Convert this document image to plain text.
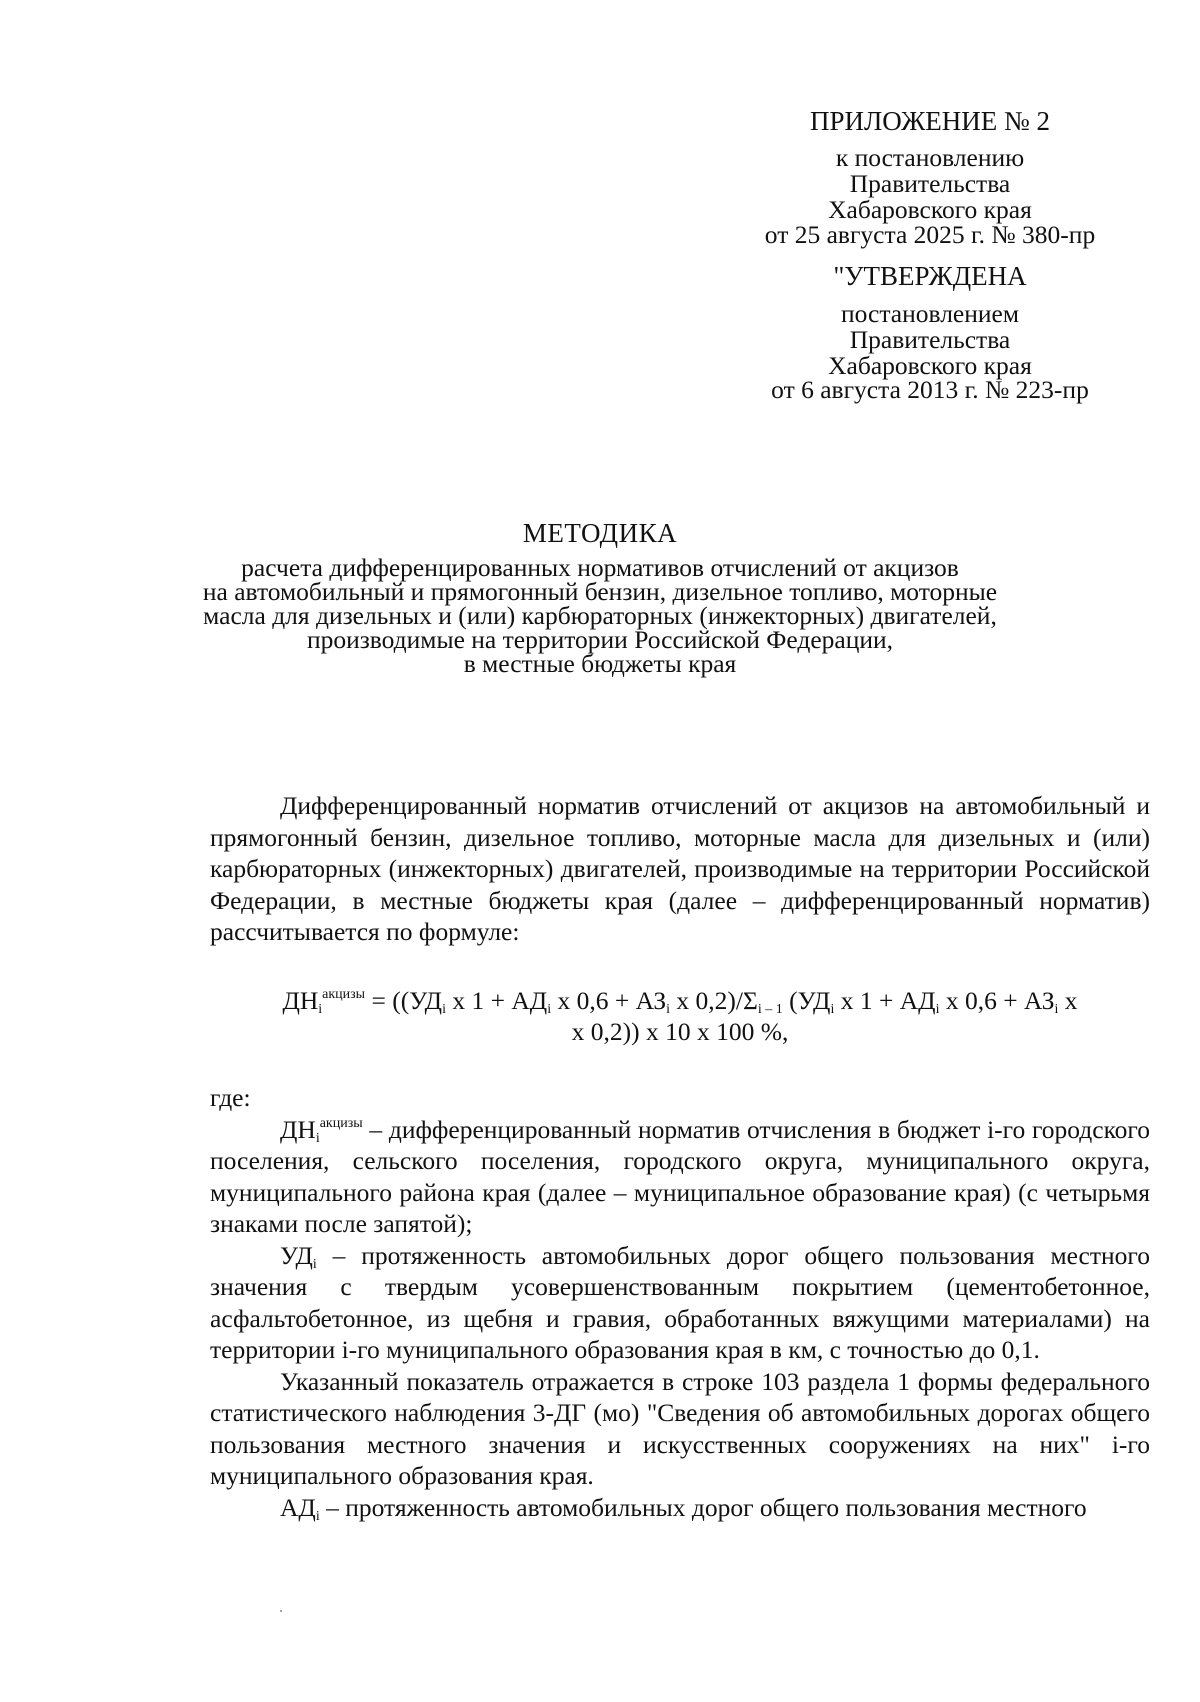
ПРИЛОЖЕНИЕ № 2
к постановлению
Правительства
Хабаровского края
от 25 августа 2025 г. № 380-пр
"УТВЕРЖДЕНА
постановлением
Правительства
Хабаровского края
от 6 августа 2013 г. № 223-пр
МЕТОДИКА
расчета дифференцированных нормативов отчислений от акцизов
на автомобильный и прямогонный бензин, дизельное топливо, моторные
масла для дизельных и (или) карбюраторных (инжекторных) двигателей,
производимые на территории Российской Федерации,
в местные бюджеты края

Дифференцированный норматив отчислений от акцизов на автомобильный и прямогонный бензин, дизельное топливо, моторные масла для дизельных и (или) карбюраторных (инжекторных) двигателей, производимые на территории Российской Федерации, в местные бюджеты края (далее – дифференцированный норматив) рассчитывается по формуле:

$ДН_i^{акцизы} = ((УД_i$ x $1 + АД_i$ x $0,6 + АЗ_i$ x $0,2)/\Sigma_{i - 1}$ ($УД_i$ x $1 + АД_i$ x $0,6 + АЗ_i$ x
x 0,2)) x 10 x 100 %,

где:

$ДН_i^{акцизы}$ – дифференцированный норматив отчисления в бюджет i-го городского поселения, сельского поселения, городского округа, муниципального округа, муниципального района края (далее – муниципальное образование края) (с четырьмя знаками после запятой);

$УД_i$ – протяженность автомобильных дорог общего пользования местного значения с твердым усовершенствованным покрытием (цементобетонное, асфальтобетонное, из щебня и гравия, обработанных вяжущими материалами) на территории i-го муниципального образования края в км, с точностью до 0,1.

Указанный показатель отражается в строке 103 раздела 1 формы федерального статистического наблюдения 3-ДГ (мо) "Сведения об автомобильных дорогах общего пользования местного значения и искусственных сооружениях на них" i-го муниципального образования края.

$АД_i$ – протяженность автомобильных дорог общего пользования местного
